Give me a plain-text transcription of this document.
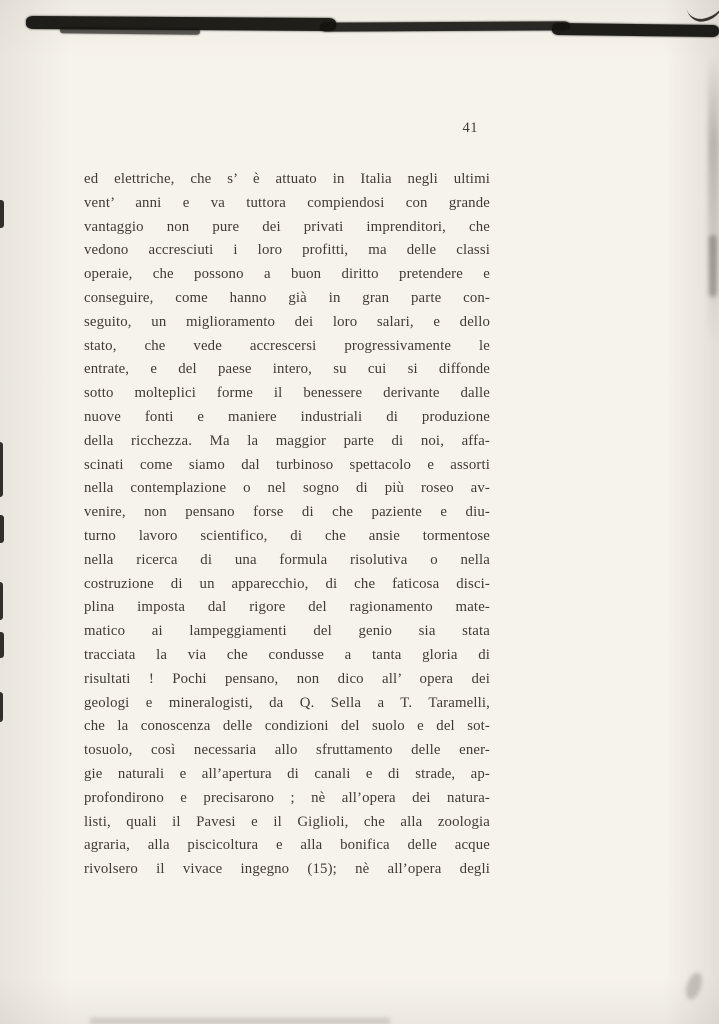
41
ed elettriche, che s’ è attuato in Italia negli ultimi
vent’ anni e va tuttora compiendosi con grande
vantaggio non pure dei privati imprenditori, che
vedono accresciuti i loro profitti, ma delle classi
operaie, che possono a buon diritto pretendere e
conseguire, come hanno già in gran parte con-
seguito, un miglioramento dei loro salari, e dello
stato, che vede accrescersi progressivamente le
entrate, e del paese intero, su cui si diffonde
sotto molteplici forme il benessere derivante dalle
nuove fonti e maniere industriali di produzione
della ricchezza. Ma la maggior parte di noi, affa-
scinati come siamo dal turbinoso spettacolo e assorti
nella contemplazione o nel sogno di più roseo av-
venire, non pensano forse di che paziente e diu-
turno lavoro scientifico, di che ansie tormentose
nella ricerca di una formula risolutiva o nella
costruzione di un apparecchio, di che faticosa disci-
plina imposta dal rigore del ragionamento mate-
matico ai lampeggiamenti del genio sia stata
tracciata la via che condusse a tanta gloria di
risultati ! Pochi pensano, non dico all’ opera dei
geologi e mineralogisti, da Q. Sella a T. Taramelli,
che la conoscenza delle condizioni del suolo e del sot-
tosuolo, così necessaria allo sfruttamento delle ener-
gie naturali e all’apertura di canali e di strade, ap-
profondirono e precisarono ; nè all’opera dei natura-
listi, quali il Pavesi e il Giglioli, che alla zoologia
agraria, alla piscicoltura e alla bonifica delle acque
rivolsero il vivace ingegno (15); nè all’opera degli
